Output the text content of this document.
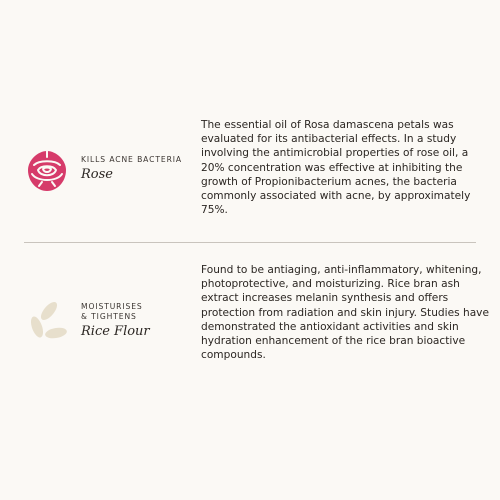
KILLS ACNE BACTERIA
Rose

The essential oil of Rosa damascena petals was evaluated for its antibacterial effects. In a study involving the antimicrobial properties of rose oil, a 20% concentration was effective at inhibiting the growth of Propionibacterium acnes, the bacteria commonly associated with acne, by approximately 75%.

MOISTURISES
& TIGHTENS
Rice Flour

Found to be antiaging, anti-inflammatory, whitening, photoprotective, and moisturizing. Rice bran ash extract increases melanin synthesis and offers protection from radiation and skin injury. Studies have demonstrated the antioxidant activities and skin hydration enhancement of the rice bran bioactive compounds.
